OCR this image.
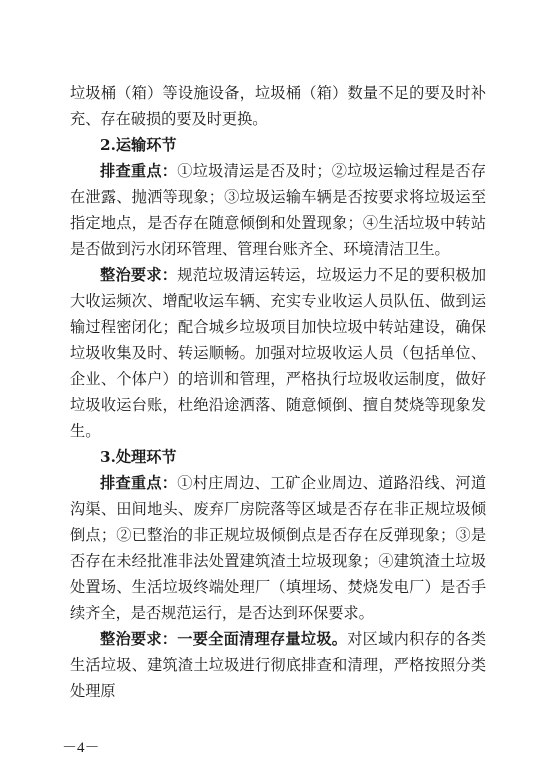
垃圾桶（箱）等设施设备，垃圾桶（箱）数量不足的要及时补充、存在破损的要及时更换。

2.运输环节

排查重点：①垃圾清运是否及时；②垃圾运输过程是否存在泄露、抛洒等现象；③垃圾运输车辆是否按要求将垃圾运至指定地点，是否存在随意倾倒和处置现象；④生活垃圾中转站是否做到污水闭环管理、管理台账齐全、环境清洁卫生。

整治要求：规范垃圾清运转运，垃圾运力不足的要积极加大收运频次、增配收运车辆、充实专业收运人员队伍、做到运输过程密闭化；配合城乡垃圾项目加快垃圾中转站建设，确保垃圾收集及时、转运顺畅。加强对垃圾收运人员（包括单位、企业、个体户）的培训和管理，严格执行垃圾收运制度，做好垃圾收运台账，杜绝沿途洒落、随意倾倒、擅自焚烧等现象发生。

3.处理环节

排查重点：①村庄周边、工矿企业周边、道路沿线、河道沟渠、田间地头、废弃厂房院落等区域是否存在非正规垃圾倾倒点；②已整治的非正规垃圾倾倒点是否存在反弹现象；③是否存在未经批准非法处置建筑渣土垃圾现象；④建筑渣土垃圾处置场、生活垃圾终端处理厂（填埋场、焚烧发电厂）是否手续齐全，是否规范运行，是否达到环保要求。

整治要求：一要全面清理存量垃圾。对区域内积存的各类生活垃圾、建筑渣土垃圾进行彻底排查和清理，严格按照分类处理原

－4－
